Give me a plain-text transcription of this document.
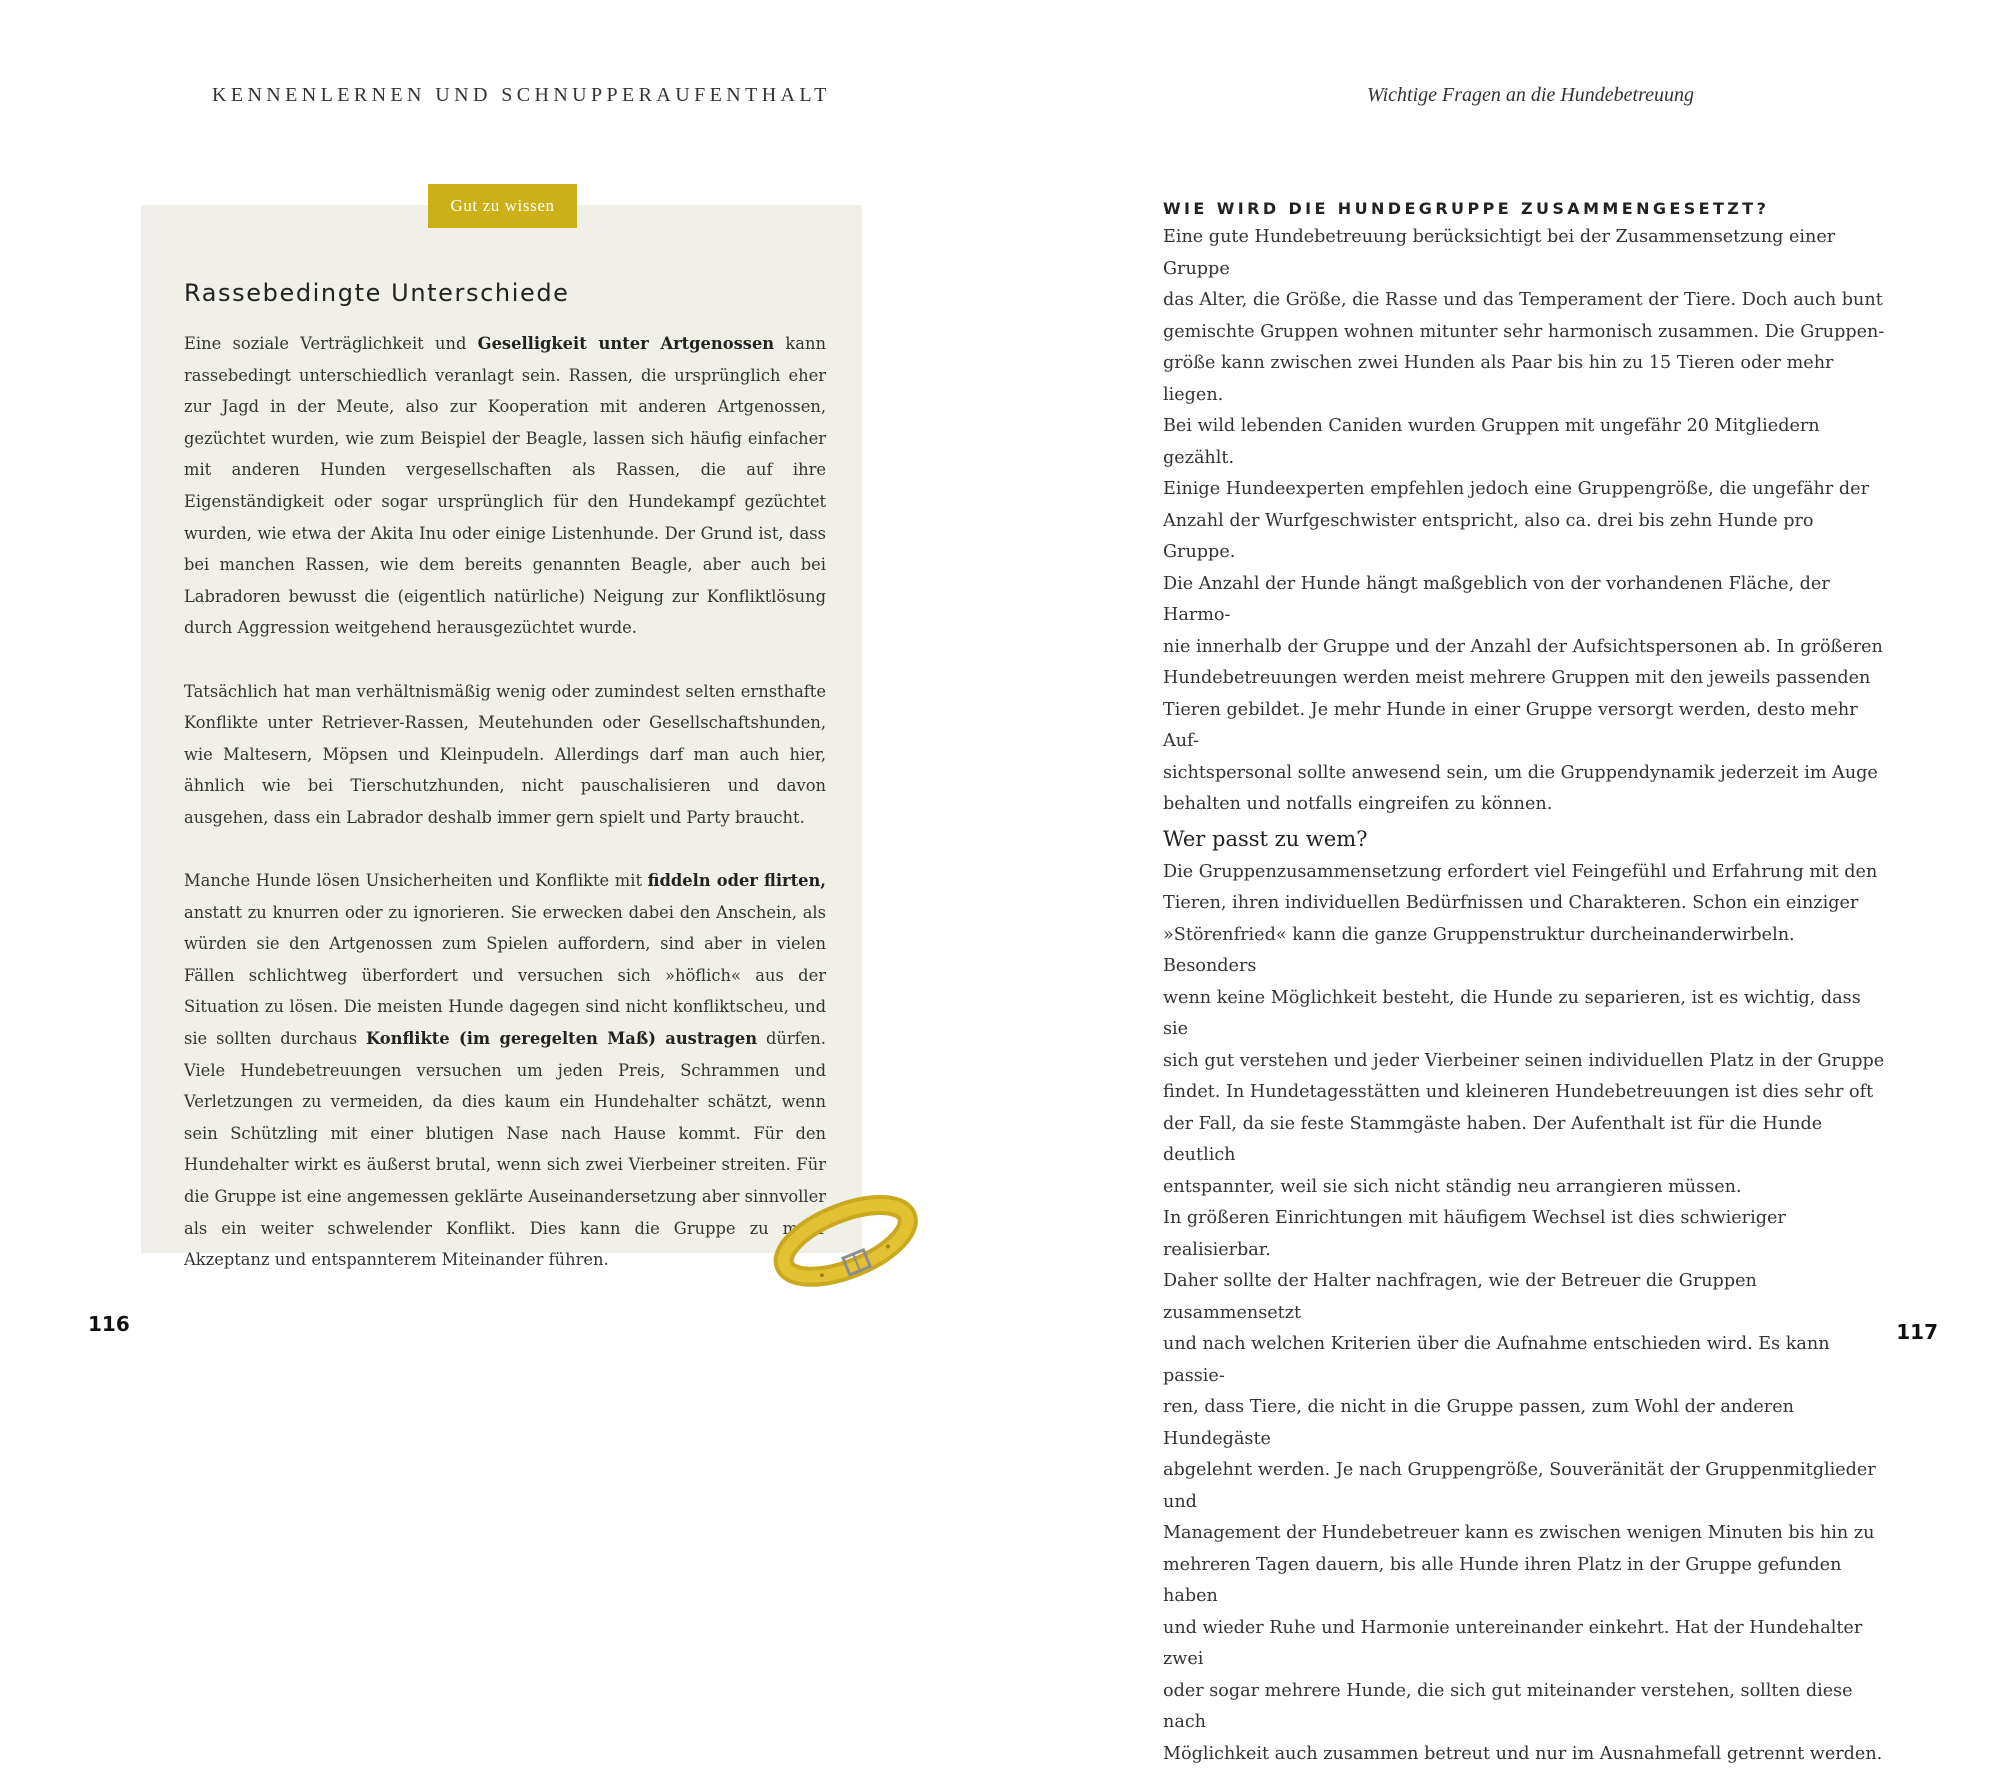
KENNENLERNEN UND SCHNUPPERAUFENTHALT	Wichtige Fragen an die Hundebetreuung
Gut zu wissen
Rassebedingte Unterschiede

Eine soziale Verträglichkeit und Geselligkeit unter Artgenossen kann rassebedingt unterschiedlich veranlagt sein. Rassen, die ursprünglich eher zur Jagd in der Meute, also zur Kooperation mit anderen Artgenossen, gezüchtet wurden, wie zum Beispiel der Beagle, lassen sich häufig einfacher mit anderen Hunden vergesellschaften als Rassen, die auf ihre Eigenständigkeit oder sogar ursprünglich für den Hundekampf gezüchtet wurden, wie etwa der Akita Inu oder einige Listenhunde. Der Grund ist, dass bei manchen Rassen, wie dem bereits genannten Beagle, aber auch bei Labradoren bewusst die (eigentlich natürliche) Neigung zur Konfliktlösung durch Aggression weitgehend herausgezüchtet wurde.

Tatsächlich hat man verhältnismäßig wenig oder zumindest selten ernsthafte Konflikte unter Retriever-Rassen, Meutehunden oder Gesellschaftshunden, wie Maltesern, Möpsen und Kleinpudeln. Allerdings darf man auch hier, ähnlich wie bei Tierschutzhunden, nicht pauschalisieren und davon ausgehen, dass ein Labrador deshalb immer gern spielt und Party braucht.

Manche Hunde lösen Unsicherheiten und Konflikte mit fiddeln oder flirten, anstatt zu knurren oder zu ignorieren. Sie erwecken dabei den Anschein, als würden sie den Artgenossen zum Spielen auffordern, sind aber in vielen Fällen schlichtweg überfordert und versuchen sich »höflich« aus der Situation zu lösen. Die meisten Hunde dagegen sind nicht konfliktscheu, und sie sollten durchaus Konflikte (im geregelten Maß) austragen dürfen. Viele Hundebetreuungen versuchen um jeden Preis, Schrammen und Verletzungen zu vermeiden, da dies kaum ein Hundehalter schätzt, wenn sein Schützling mit einer blutigen Nase nach Hause kommt. Für den Hundehalter wirkt es äußerst brutal, wenn sich zwei Vierbeiner streiten. Für die Gruppe ist eine angemessen geklärte Auseinandersetzung aber sinnvoller als ein weiter schwelender Konflikt. Dies kann die Gruppe zu mehr Akzeptanz und entspannterem Miteinander führen.

WIE WIRD DIE HUNDEGRUPPE ZUSAMMENGESETZT?

Eine gute Hundebetreuung berücksichtigt bei der Zusammensetzung einer Gruppe

das Alter, die Größe, die Rasse und das Temperament der Tiere. Doch auch bunt

gemischte Gruppen wohnen mitunter sehr harmonisch zusammen. Die Gruppen-

größe kann zwischen zwei Hunden als Paar bis hin zu 15 Tieren oder mehr liegen.

Bei wild lebenden Caniden wurden Gruppen mit ungefähr 20 Mitgliedern gezählt.

Einige Hundeexperten empfehlen jedoch eine Gruppengröße, die ungefähr der

Anzahl der Wurfgeschwister entspricht, also ca. drei bis zehn Hunde pro Gruppe.

Die Anzahl der Hunde hängt maßgeblich von der vorhandenen Fläche, der Harmo-

nie innerhalb der Gruppe und der Anzahl der Aufsichtspersonen ab. In größeren

Hundebetreuungen werden meist mehrere Gruppen mit den jeweils passenden

Tieren gebildet. Je mehr Hunde in einer Gruppe versorgt werden, desto mehr Auf-

sichtspersonal sollte anwesend sein, um die Gruppendynamik jederzeit im Auge

behalten und notfalls eingreifen zu können.

Wer passt zu wem?

Die Gruppenzusammensetzung erfordert viel Feingefühl und Erfahrung mit den

Tieren, ihren individuellen Bedürfnissen und Charakteren. Schon ein einziger

»Störenfried« kann die ganze Gruppenstruktur durcheinanderwirbeln. Besonders

wenn keine Möglichkeit besteht, die Hunde zu separieren, ist es wichtig, dass sie

sich gut verstehen und jeder Vierbeiner seinen individuellen Platz in der Gruppe

findet. In Hundetagesstätten und kleineren Hundebetreuungen ist dies sehr oft

der Fall, da sie feste Stammgäste haben. Der Aufenthalt ist für die Hunde deutlich

entspannter, weil sie sich nicht ständig neu arrangieren müssen.

In größeren Einrichtungen mit häufigem Wechsel ist dies schwieriger realisierbar.

Daher sollte der Halter nachfragen, wie der Betreuer die Gruppen zusammensetzt

und nach welchen Kriterien über die Aufnahme entschieden wird. Es kann passie-

ren, dass Tiere, die nicht in die Gruppe passen, zum Wohl der anderen Hundegäste

abgelehnt werden. Je nach Gruppengröße, Souveränität der Gruppenmitglieder und

Management der Hundebetreuer kann es zwischen wenigen Minuten bis hin zu

mehreren Tagen dauern, bis alle Hunde ihren Platz in der Gruppe gefunden haben

und wieder Ruhe und Harmonie untereinander einkehrt. Hat der Hundehalter zwei

oder sogar mehrere Hunde, die sich gut miteinander verstehen, sollten diese nach

Möglichkeit auch zusammen betreut und nur im Ausnahmefall getrennt werden.

116	117
